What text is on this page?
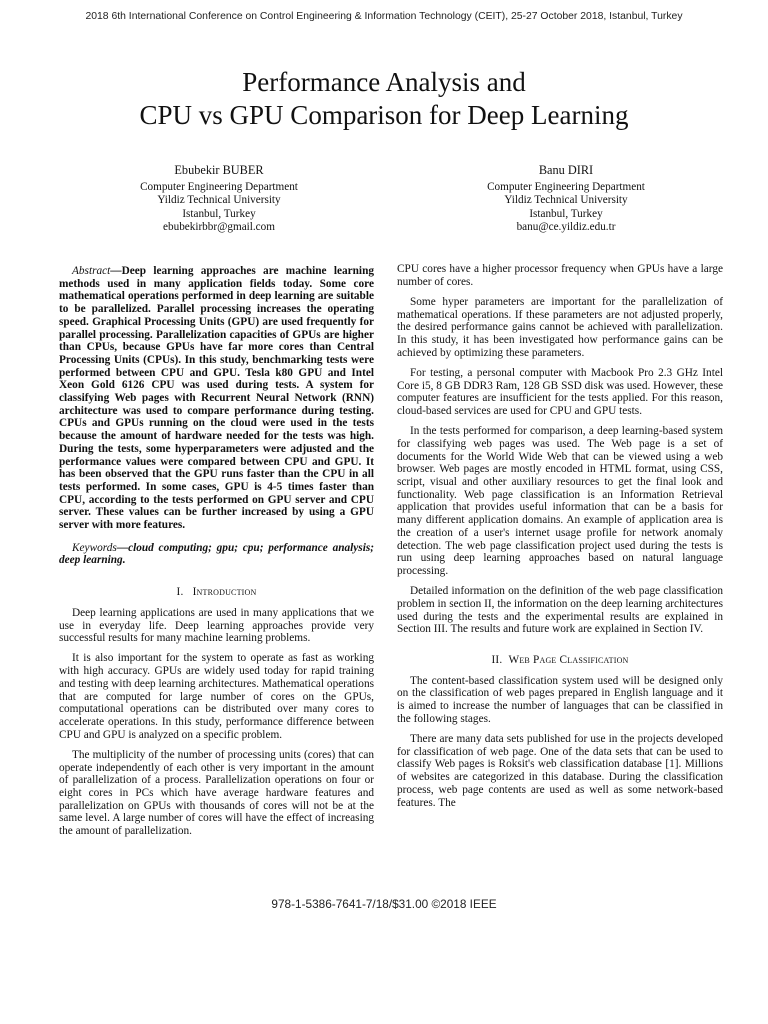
2018 6th International Conference on Control Engineering & Information Technology (CEIT), 25-27 October 2018, Istanbul, Turkey
Performance Analysis and
CPU vs GPU Comparison for Deep Learning
Ebubekir BUBER
Computer Engineering Department
Yildiz Technical University
Istanbul, Turkey
ebubekirbbr@gmail.com
Banu DIRI
Computer Engineering Department
Yildiz Technical University
Istanbul, Turkey
banu@ce.yildiz.edu.tr

Abstract—Deep learning approaches are machine learning methods used in many application fields today. Some core mathematical operations performed in deep learning are suitable to be parallelized. Parallel processing increases the operating speed. Graphical Processing Units (GPU) are used frequently for parallel processing. Parallelization capacities of GPUs are higher than CPUs, because GPUs have far more cores than Central Processing Units (CPUs). In this study, benchmarking tests were performed between CPU and GPU. Tesla k80 GPU and Intel Xeon Gold 6126 CPU was used during tests. A system for classifying Web pages with Recurrent Neural Network (RNN) architecture was used to compare performance during testing. CPUs and GPUs running on the cloud were used in the tests because the amount of hardware needed for the tests was high. During the tests, some hyperparameters were adjusted and the performance values were compared between CPU and GPU. It has been observed that the GPU runs faster than the CPU in all tests performed. In some cases, GPU is 4-5 times faster than CPU, according to the tests performed on GPU server and CPU server. These values can be further increased by using a GPU server with more features.

Keywords—cloud computing; gpu; cpu; performance analysis; deep learning.

I. Introduction

Deep learning applications are used in many applications that we use in everyday life. Deep learning approaches provide very successful results for many machine learning problems.

It is also important for the system to operate as fast as working with high accuracy. GPUs are widely used today for rapid training and testing with deep learning architectures. Mathematical operations that are computed for large number of cores on the GPUs, computational operations can be distributed over many cores to accelerate operations. In this study, performance difference between CPU and GPU is analyzed on a specific problem.

The multiplicity of the number of processing units (cores) that can operate independently of each other is very important in the amount of parallelization of a process. Parallelization operations on four or eight cores in PCs which have average hardware features and parallelization on GPUs with thousands of cores will not be at the same level. A large number of cores will have the effect of increasing the amount of parallelization.

CPU cores have a higher processor frequency when GPUs have a large number of cores.

Some hyper parameters are important for the parallelization of mathematical operations. If these parameters are not adjusted properly, the desired performance gains cannot be achieved with parallelization. In this study, it has been investigated how performance gains can be achieved by optimizing these parameters.

For testing, a personal computer with Macbook Pro 2.3 GHz Intel Core i5, 8 GB DDR3 Ram, 128 GB SSD disk was used. However, these computer features are insufficient for the tests applied. For this reason, cloud-based services are used for CPU and GPU tests.

In the tests performed for comparison, a deep learning-based system for classifying web pages was used. The Web page is a set of documents for the World Wide Web that can be viewed using a web browser. Web pages are mostly encoded in HTML format, using CSS, script, visual and other auxiliary resources to get the final look and functionality. Web page classification is an Information Retrieval application that provides useful information that can be a basis for many different application domains. An example of application area is the creation of a user's internet usage profile for network anomaly detection. The web page classification project used during the tests is run using deep learning approaches based on natural language processing.

Detailed information on the definition of the web page classification problem in section II, the information on the deep learning architectures used during the tests and the experimental results are explained in Section III. The results and future work are explained in Section IV.

II. Web Page Classification

The content-based classification system used will be designed only on the classification of web pages prepared in English language and it is aimed to increase the number of languages that can be classified in the following stages.

There are many data sets published for use in the projects developed for classification of web page. One of the data sets that can be used to classify Web pages is Roksit's web classification database [1]. Millions of websites are categorized in this database. During the classification process, web page contents are used as well as some network-based features. The

978-1-5386-7641-7/18/$31.00 ©2018 IEEE
